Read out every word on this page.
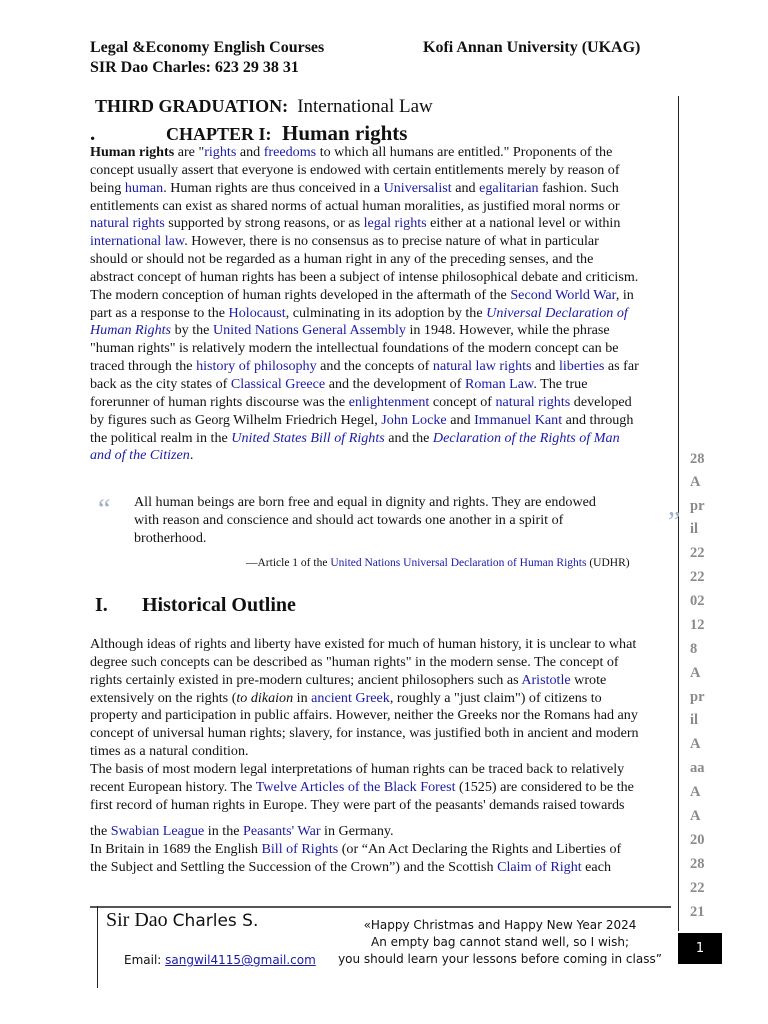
Legal &Economy English Courses	Kofi Annan University (UKAG)
SIR Dao Charles: 623 29 38 31
THIRD GRADUATION: International Law
.	CHAPTER I: Human rights
Human rights are "rights and freedoms to which all humans are entitled." Proponents of the
concept usually assert that everyone is endowed with certain entitlements merely by reason of
being human. Human rights are thus conceived in a Universalist and egalitarian fashion. Such
entitlements can exist as shared norms of actual human moralities, as justified moral norms or
natural rights supported by strong reasons, or as legal rights either at a national level or within
international law. However, there is no consensus as to precise nature of what in particular
should or should not be regarded as a human right in any of the preceding senses, and the
abstract concept of human rights has been a subject of intense philosophical debate and criticism.
The modern conception of human rights developed in the aftermath of the Second World War, in
part as a response to the Holocaust, culminating in its adoption by the Universal Declaration of
Human Rights by the United Nations General Assembly in 1948. However, while the phrase
"human rights" is relatively modern the intellectual foundations of the modern concept can be
traced through the history of philosophy and the concepts of natural law rights and liberties as far
back as the city states of Classical Greece and the development of Roman Law. The true
forerunner of human rights discourse was the enlightenment concept of natural rights developed
by figures such as Georg Wilhelm Friedrich Hegel, John Locke and Immanuel Kant and through
the political realm in the United States Bill of Rights and the Declaration of the Rights of Man
and of the Citizen.
“	”
All human beings are born free and equal in dignity and rights. They are endowed
with reason and conscience and should act towards one another in a spirit of
brotherhood.
—Article 1 of the United Nations Universal Declaration of Human Rights (UDHR)
I. Historical Outline
Although ideas of rights and liberty have existed for much of human history, it is unclear to what
degree such concepts can be described as "human rights" in the modern sense. The concept of
rights certainly existed in pre-modern cultures; ancient philosophers such as Aristotle wrote
extensively on the rights (to dikaion in ancient Greek, roughly a "just claim") of citizens to
property and participation in public affairs. However, neither the Greeks nor the Romans had any
concept of universal human rights; slavery, for instance, was justified both in ancient and modern
times as a natural condition.
The basis of most modern legal interpretations of human rights can be traced back to relatively
recent European history. The Twelve Articles of the Black Forest (1525) are considered to be the
first record of human rights in Europe. They were part of the peasants' demands raised towards
the Swabian League in the Peasants' War in Germany.
In Britain in 1689 the English Bill of Rights (or “An Act Declaring the Rights and Liberties of
the Subject and Settling the Succession of the Crown”) and the Scottish Claim of Right each
28
A
pr
il
22
22
02
12
8
A
pr
il
A
aa
A
A
20
28
22
21
Sir Dao Charles S.
Email: sangwil4115@gmail.com
«Happy Christmas and Happy New Year 2024
An empty bag cannot stand well, so I wish;
you should learn your lessons before coming in class”
1
